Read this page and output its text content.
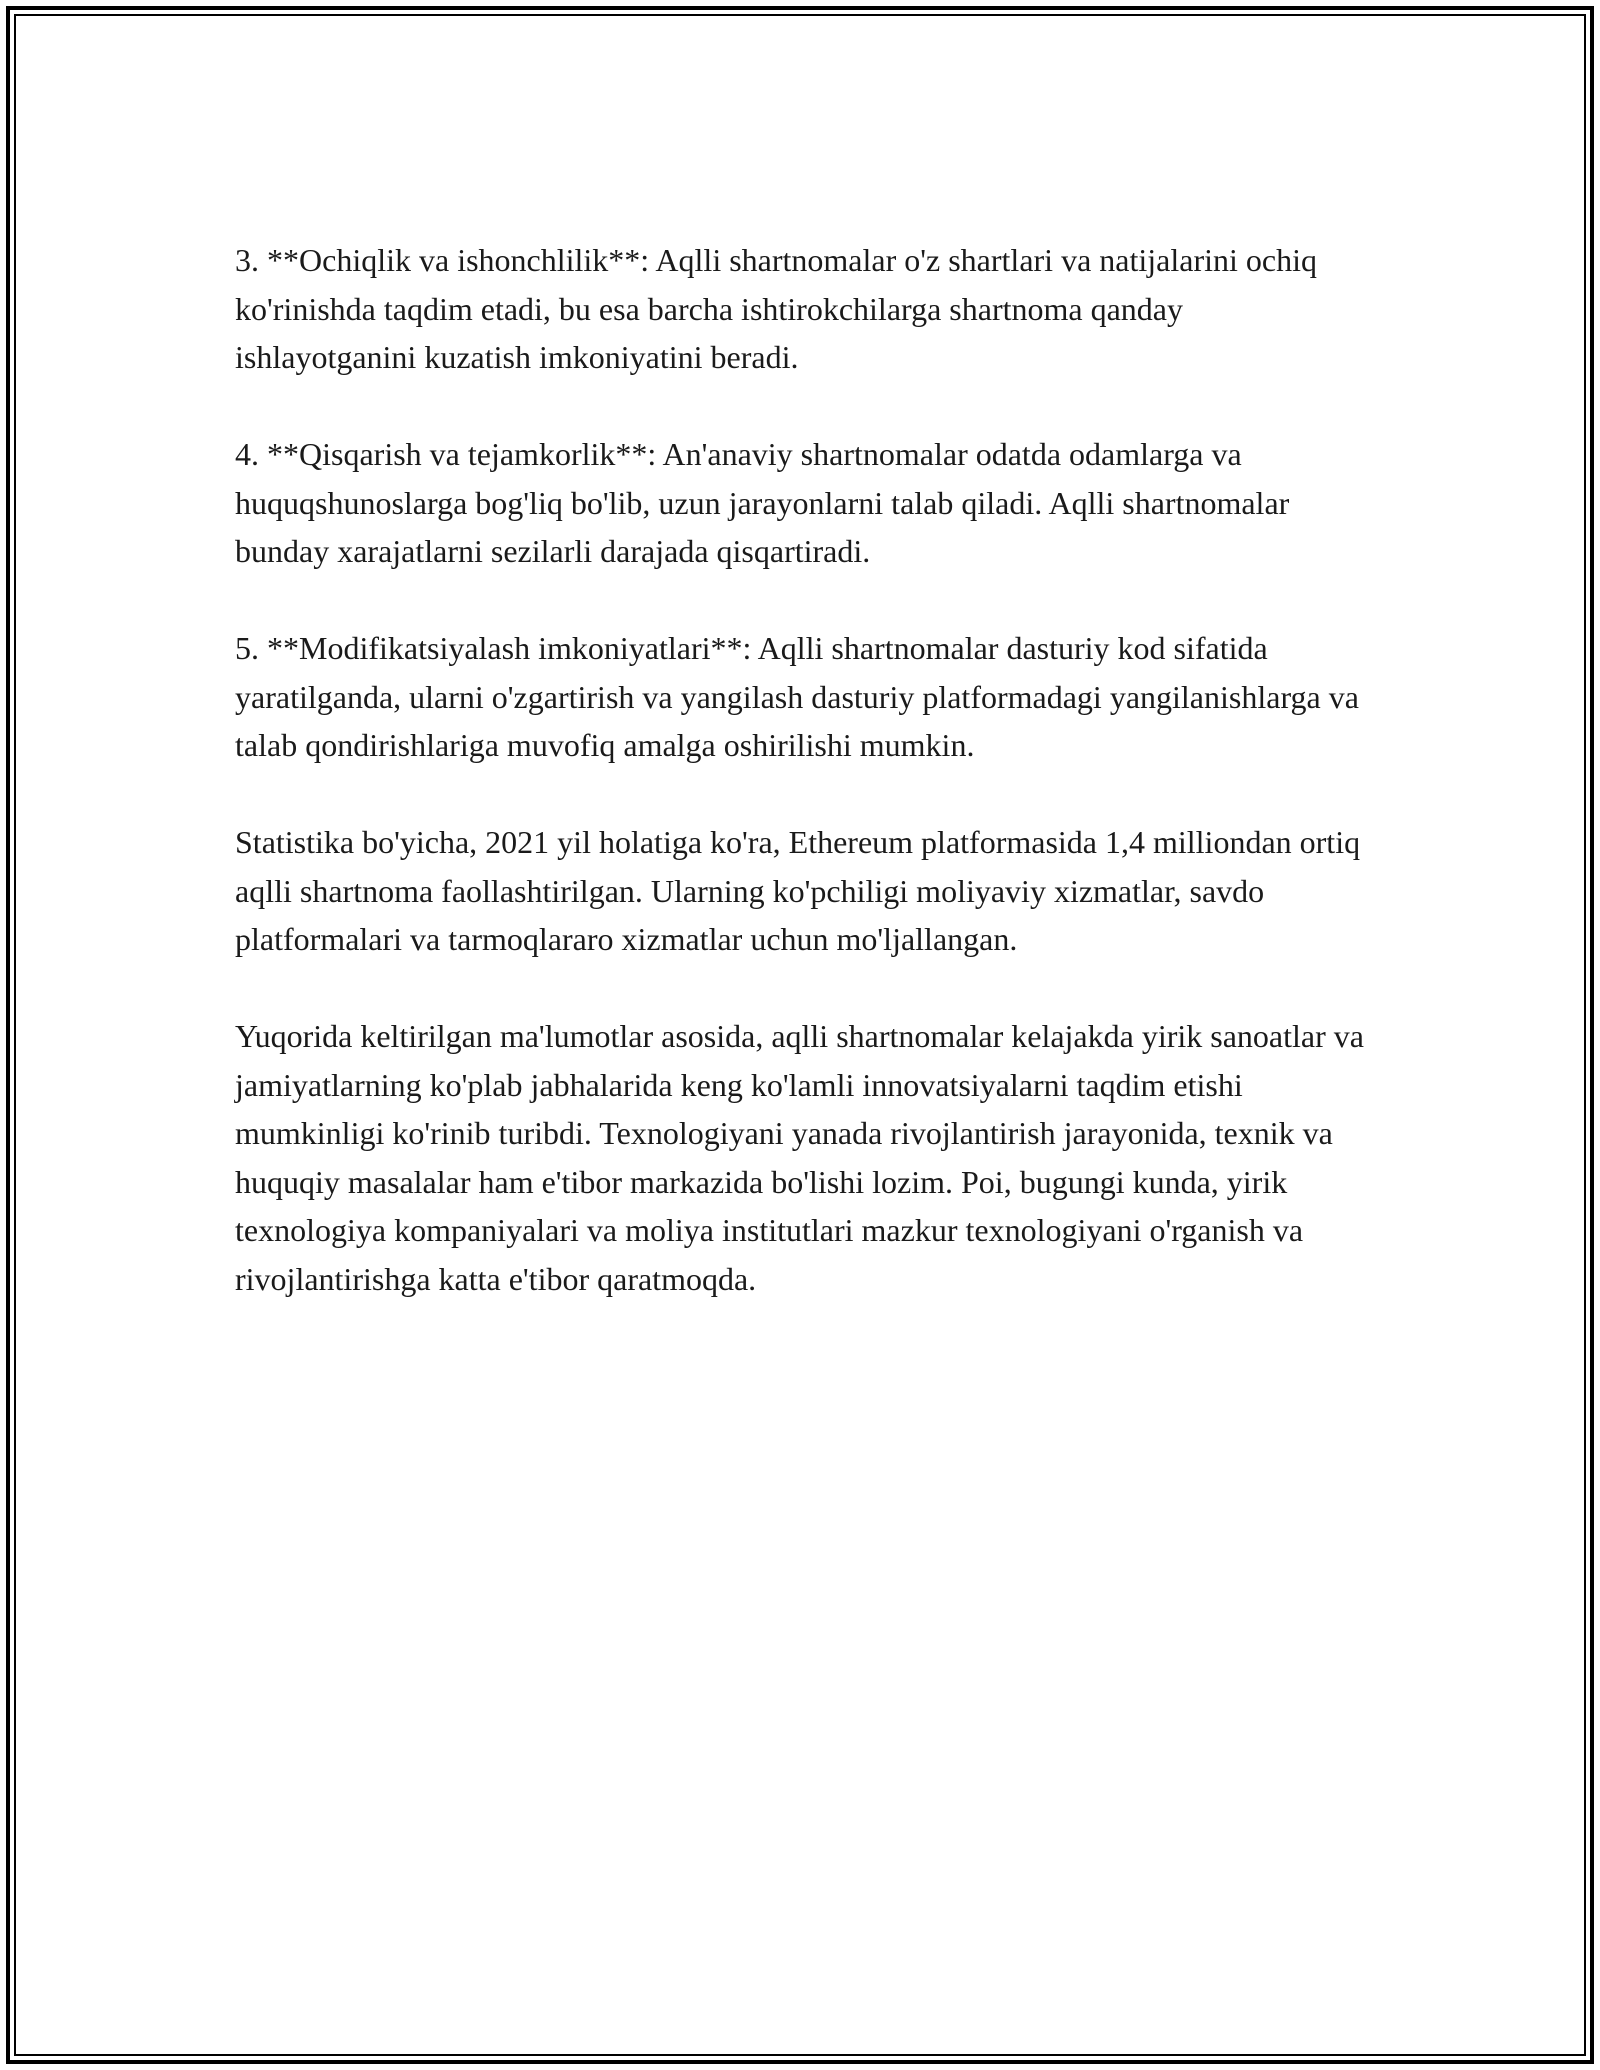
3. **Ochiqlik va ishonchlilik**: Aqlli shartnomalar o'z shartlari va natijalarini ochiq ko'rinishda taqdim etadi, bu esa barcha ishtirokchilarga shartnoma qanday ishlayotganini kuzatish imkoniyatini beradi.

4. **Qisqarish va tejamkorlik**: An'anaviy shartnomalar odatda odamlarga va huquqshunoslarga bog'liq bo'lib, uzun jarayonlarni talab qiladi. Aqlli shartnomalar bunday xarajatlarni sezilarli darajada qisqartiradi.

5. **Modifikatsiyalash imkoniyatlari**: Aqlli shartnomalar dasturiy kod sifatida yaratilganda, ularni o'zgartirish va yangilash dasturiy platformadagi yangilanishlarga va talab qondirishlariga muvofiq amalga oshirilishi mumkin.

Statistika bo'yicha, 2021 yil holatiga ko'ra, Ethereum platformasida 1,4 milliondan ortiq aqlli shartnoma faollashtirilgan. Ularning ko'pchiligi moliyaviy xizmatlar, savdo platformalari va tarmoqlararo xizmatlar uchun mo'ljallangan.

Yuqorida keltirilgan ma'lumotlar asosida, aqlli shartnomalar kelajakda yirik sanoatlar va jamiyatlarning ko'plab jabhalarida keng ko'lamli innovatsiyalarni taqdim etishi mumkinligi ko'rinib turibdi. Texnologiyani yanada rivojlantirish jarayonida, texnik va huquqiy masalalar ham e'tibor markazida bo'lishi lozim. Poi, bugungi kunda, yirik texnologiya kompaniyalari va moliya institutlari mazkur texnologiyani o'rganish va rivojlantirishga katta e'tibor qaratmoqda.
